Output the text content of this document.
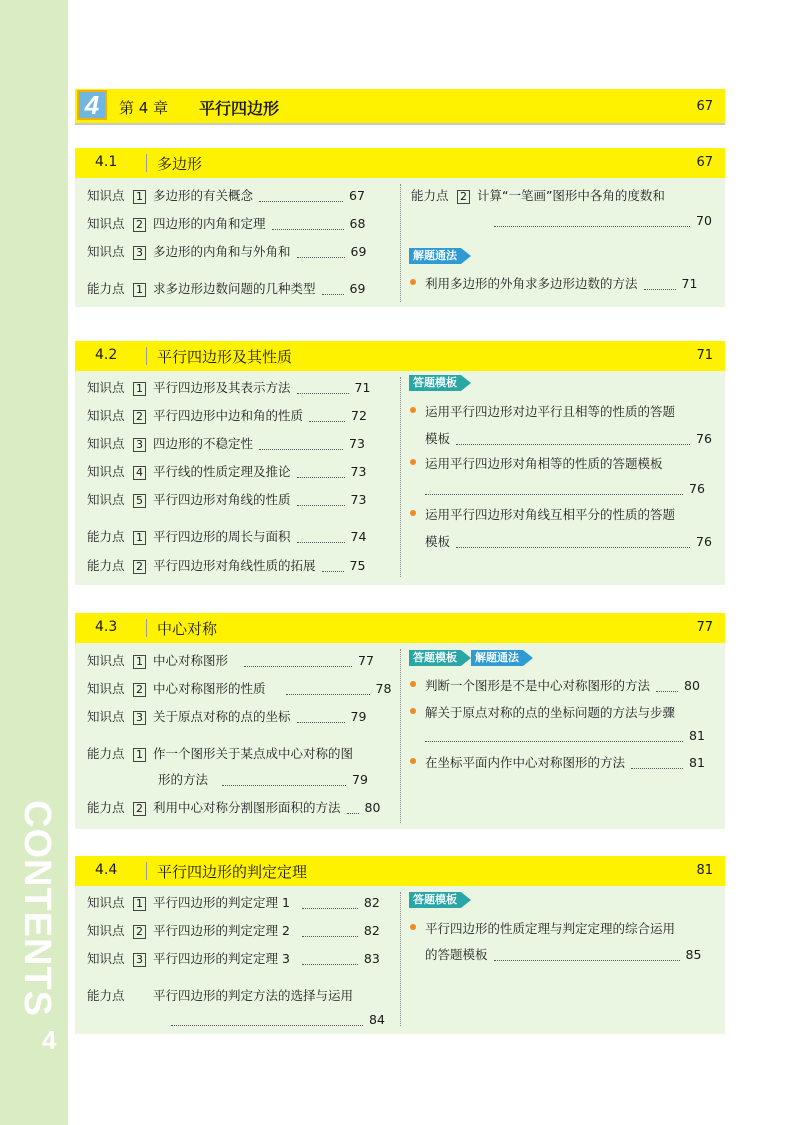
CONTENTS
4
4	第 4 章 平行四边形	67
4.1	多边形	67
知识点 1 多边形的有关概念	67
知识点 2 四边形的内角和定理	68
知识点 3 多边形的内角和与外角和	69
能力点 1 求多边形边数问题的几种类型	69
能力点 2 计算“一笔画”图形中各角的度数和
70
解题通法
利用多边形的外角求多边形边数的方法	71
4.2	平行四边形及其性质	71
知识点 1 平行四边形及其表示方法	71
知识点 2 平行四边形中边和角的性质	72
知识点 3 四边形的不稳定性	73
知识点 4 平行线的性质定理及推论	73
知识点 5 平行四边形对角线的性质	73
能力点 1 平行四边形的周长与面积	74
能力点 2 平行四边形对角线性质的拓展	75
答题模板
运用平行四边形对边平行且相等的性质的答题
模板	76
运用平行四边形对角相等的性质的答题模板
76
运用平行四边形对角线互相平分的性质的答题
模板	76
4.3	中心对称	77
知识点 1 中心对称图形	77
知识点 2 中心对称图形的性质	78
知识点 3 关于原点对称的点的坐标	79
能力点 1 作一个图形关于某点成中心对称的图
形的方法	79
能力点 2 利用中心对称分割图形面积的方法 80
答题模板	解题通法
判断一个图形是不是中心对称图形的方法	80
解关于原点对称的点的坐标问题的方法与步骤
81
在坐标平面内作中心对称图形的方法	81
4.4	平行四边形的判定定理	81
知识点 1 平行四边形的判定定理 1	82
知识点 2 平行四边形的判定定理 2	82
知识点 3 平行四边形的判定定理 3	83
能力点 平行四边形的判定方法的选择与运用
84
答题模板
平行四边形的性质定理与判定定理的综合运用
的答题模板	85
